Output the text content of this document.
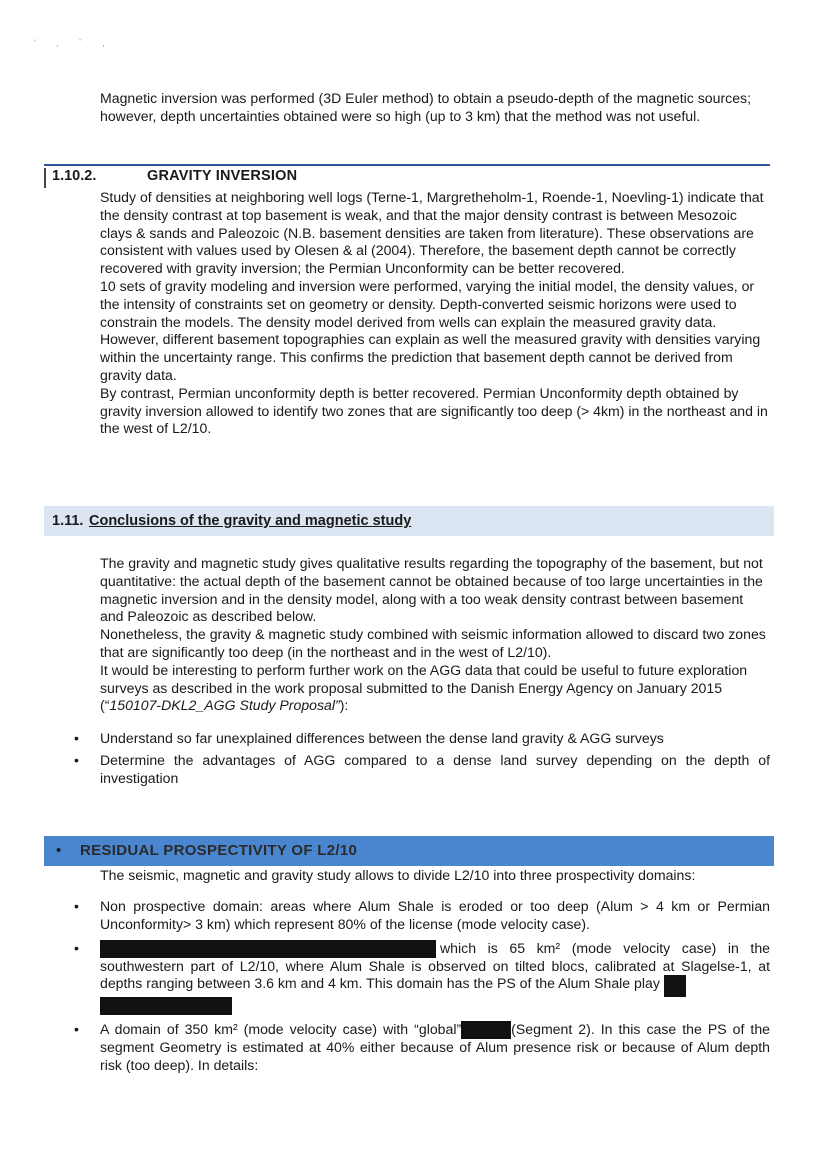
' ‚ ` ,

Magnetic inversion was performed (3D Euler method) to obtain a pseudo-depth of the magnetic sources; however, depth uncertainties obtained were so high (up to 3 km) that the method was not useful.

1.10.2.	GRAVITY INVERSION

Study of densities at neighboring well logs (Terne-1, Margretheholm-1, Roende-1, Noevling-1) indicate that the density contrast at top basement is weak, and that the major density contrast is between Mesozoic clays & sands and Paleozoic (N.B. basement densities are taken from literature). These observations are consistent with values used by Olesen & al (2004). Therefore, the basement depth cannot be correctly recovered with gravity inversion; the Permian Unconformity can be better recovered.

10 sets of gravity modeling and inversion were performed, varying the initial model, the density values, or the intensity of constraints set on geometry or density. Depth-converted seismic horizons were used to constrain the models. The density model derived from wells can explain the measured gravity data. However, different basement topographies can explain as well the measured gravity with densities varying within the uncertainty range. This confirms the prediction that basement depth cannot be derived from gravity data.

By contrast, Permian unconformity depth is better recovered. Permian Unconformity depth obtained by gravity inversion allowed to identify two zones that are significantly too deep (> 4km) in the northeast and in the west of L2/10.

1.11. Conclusions of the gravity and magnetic study

The gravity and magnetic study gives qualitative results regarding the topography of the basement, but not quantitative: the actual depth of the basement cannot be obtained because of too large uncertainties in the magnetic inversion and in the density model, along with a too weak density contrast between basement and Paleozoic as described below.

Nonetheless, the gravity & magnetic study combined with seismic information allowed to discard two zones that are significantly too deep (in the northeast and in the west of L2/10).

It would be interesting to perform further work on the AGG data that could be useful to future exploration surveys as described in the work proposal submitted to the Danish Energy Agency on January 2015 (“150107-DKL2_AGG Study Proposal”):

• Understand so far unexplained differences between the dense land gravity & AGG surveys
• Determine the advantages of AGG compared to a dense land survey depending on the depth of investigation
• RESIDUAL PROSPECTIVITY OF L2/10

The seismic, magnetic and gravity study allows to divide L2/10 into three prospectivity domains:

• Non prospective domain: areas where Alum Shale is eroded or too deep (Alum > 4 km or Permian Unconformity> 3 km) which represent 80% of the license (mode velocity case).
•	which is 65 km² (mode velocity case) in the southwestern part of L2/10, where Alum Shale is observed on tilted blocs, calibrated at Slagelse-1, at depths ranging between 3.6 km and 4 km. This domain has the PS of the Alum Shale play

• A domain of 350 km² (mode velocity case) with “global”	(Segment 2). In this case the PS of the segment Geometry is estimated at 40% either because of Alum presence risk or because of Alum depth risk (too deep). In details:
